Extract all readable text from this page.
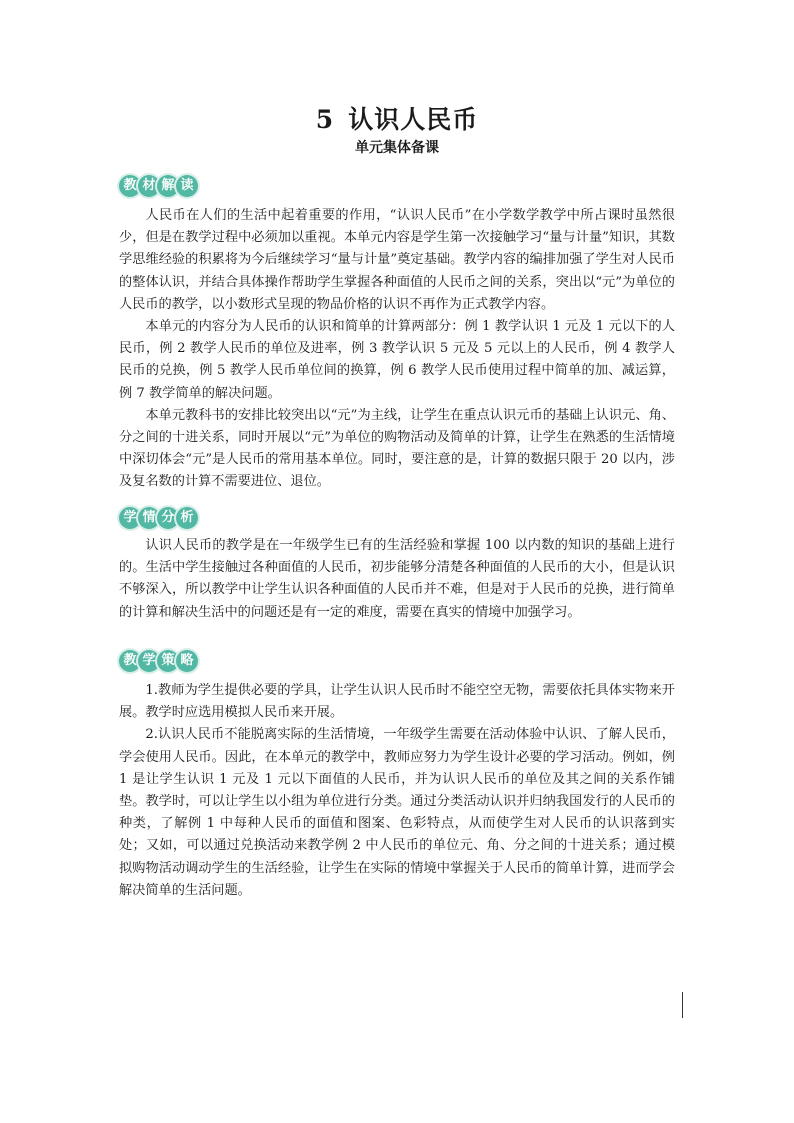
5 认识人民币
单元集体备课
教 材 解 读

人民币在人们的生活中起着重要的作用，“认识人民币”在小学数学教学中所占课时虽然很少，但是在教学过程中必须加以重视。本单元内容是学生第一次接触学习“量与计量”知识，其数学思维经验的积累将为今后继续学习“量与计量”奠定基础。教学内容的编排加强了学生对人民币的整体认识，并结合具体操作帮助学生掌握各种面值的人民币之间的关系，突出以“元”为单位的人民币的教学，以小数形式呈现的物品价格的认识不再作为正式教学内容。

本单元的内容分为人民币的认识和简单的计算两部分：例 1 教学认识 1 元及 1 元以下的人民币，例 2 教学人民币的单位及进率，例 3 教学认识 5 元及 5 元以上的人民币，例 4 教学人民币的兑换，例 5 教学人民币单位间的换算，例 6 教学人民币使用过程中简单的加、减运算，例 7 教学简单的解决问题。

本单元教科书的安排比较突出以“元”为主线，让学生在重点认识元币的基础上认识元、角、分之间的十进关系，同时开展以“元”为单位的购物活动及简单的计算，让学生在熟悉的生活情境中深切体会“元”是人民币的常用基本单位。同时，要注意的是，计算的数据只限于 20 以内，涉及复名数的计算不需要进位、退位。

学 情 分 析

认识人民币的教学是在一年级学生已有的生活经验和掌握 100 以内数的知识的基础上进行的。生活中学生接触过各种面值的人民币，初步能够分清楚各种面值的人民币的大小，但是认识不够深入，所以教学中让学生认识各种面值的人民币并不难，但是对于人民币的兑换，进行简单的计算和解决生活中的问题还是有一定的难度，需要在真实的情境中加强学习。

教 学 策 略

1.教师为学生提供必要的学具，让学生认识人民币时不能空空无物，需要依托具体实物来开展。教学时应选用模拟人民币来开展。

2.认识人民币不能脱离实际的生活情境，一年级学生需要在活动体验中认识、了解人民币，学会使用人民币。因此，在本单元的教学中，教师应努力为学生设计必要的学习活动。例如，例 1 是让学生认识 1 元及 1 元以下面值的人民币，并为认识人民币的单位及其之间的关系作铺垫。教学时，可以让学生以小组为单位进行分类。通过分类活动认识并归纳我国发行的人民币的种类，了解例 1 中每种人民币的面值和图案、色彩特点，从而使学生对人民币的认识落到实处；又如，可以通过兑换活动来教学例 2 中人民币的单位元、角、分之间的十进关系；通过模拟购物活动调动学生的生活经验，让学生在实际的情境中掌握关于人民币的简单计算，进而学会解决简单的生活问题。
